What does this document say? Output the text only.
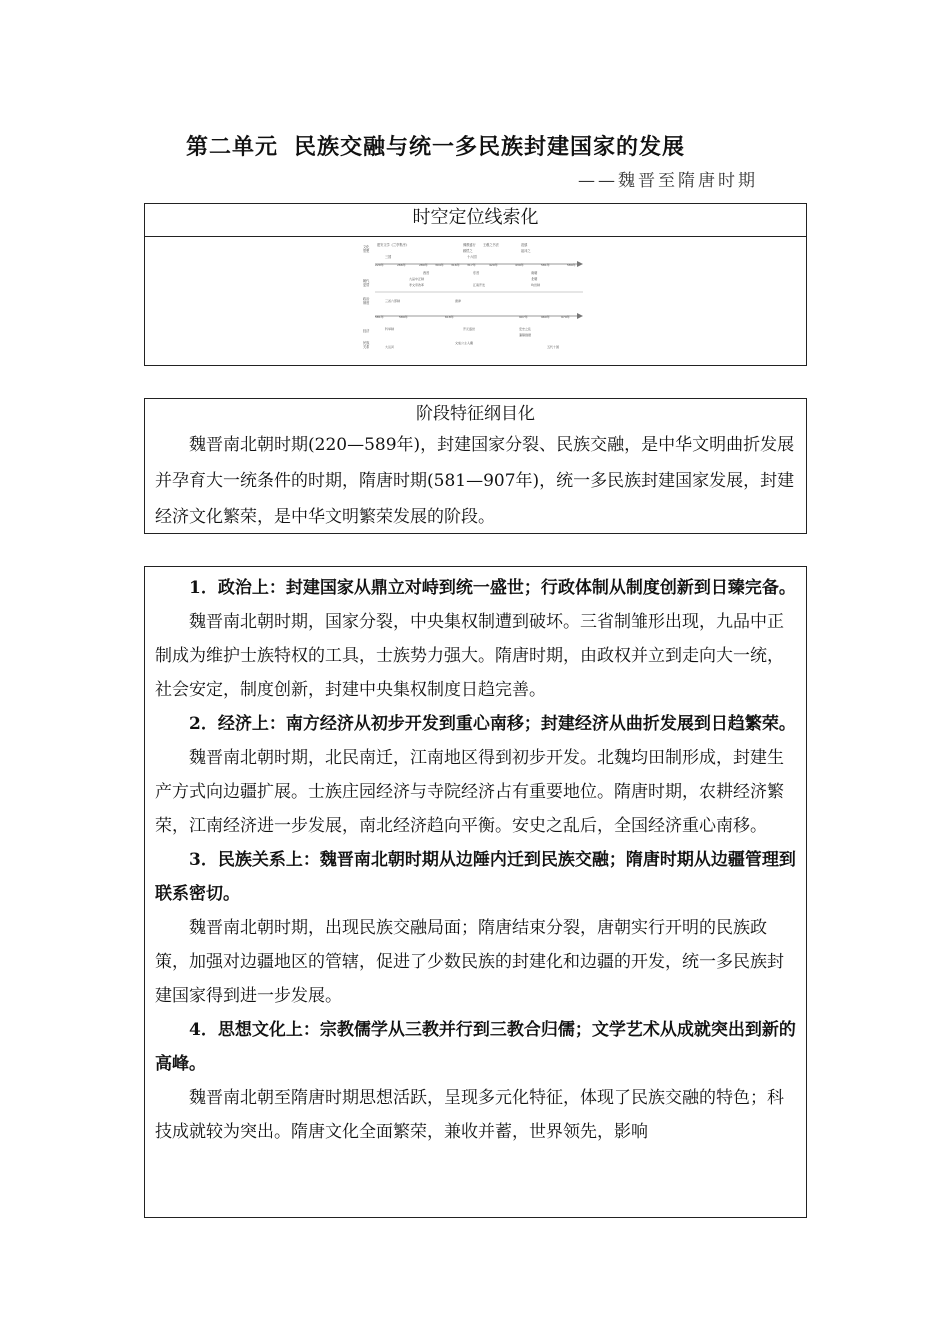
第二单元 民族交融与统一多民族封建国家的发展
——魏晋至隋唐时期
时空定位线索化
文化
思想
朝代
更替
政治
制度
经济
民族
关系
建安文学《兰亭集序》	佛教盛行 王羲之书法
顾恺之
范缜
祖冲之
220年	266年	280年 304年 316年 317年	420年	439年	581年	589年
三国
西晋	东晋	南朝
北朝
十六国
九品中正制
均田制
江南开发
孝文帝改革
581年	589年	618年	907年	960年	979年
三省六部制
科举制
唐律
开元盛世	安史之乱
藩镇割据
大运河
文成公主入藏
五代十国
阶段特征纲目化

魏晋南北朝时期(220—589年)，封建国家分裂、民族交融，是中华文明曲折发展并孕育大一统条件的时期，隋唐时期(581—907年)，统一多民族封建国家发展，封建经济文化繁荣，是中华文明繁荣发展的阶段。

1．政治上：封建国家从鼎立对峙到统一盛世；行政体制从制度创新到日臻完备。

魏晋南北朝时期，国家分裂，中央集权制遭到破坏。三省制雏形出现，九品中正制成为维护士族特权的工具，士族势力强大。隋唐时期，由政权并立到走向大一统，社会安定，制度创新，封建中央集权制度日趋完善。

2．经济上：南方经济从初步开发到重心南移；封建经济从曲折发展到日趋繁荣。

魏晋南北朝时期，北民南迁，江南地区得到初步开发。北魏均田制形成，封建生产方式向边疆扩展。士族庄园经济与寺院经济占有重要地位。隋唐时期，农耕经济繁荣，江南经济进一步发展，南北经济趋向平衡。安史之乱后，全国经济重心南移。

3．民族关系上：魏晋南北朝时期从边陲内迁到民族交融；隋唐时期从边疆管理到联系密切。

魏晋南北朝时期，出现民族交融局面；隋唐结束分裂，唐朝实行开明的民族政策，加强对边疆地区的管辖，促进了少数民族的封建化和边疆的开发，统一多民族封建国家得到进一步发展。

4．思想文化上：宗教儒学从三教并行到三教合归儒；文学艺术从成就突出到新的高峰。

魏晋南北朝至隋唐时期思想活跃，呈现多元化特征，体现了民族交融的特色；科技成就较为突出。隋唐文化全面繁荣，兼收并蓄，世界领先，影响
